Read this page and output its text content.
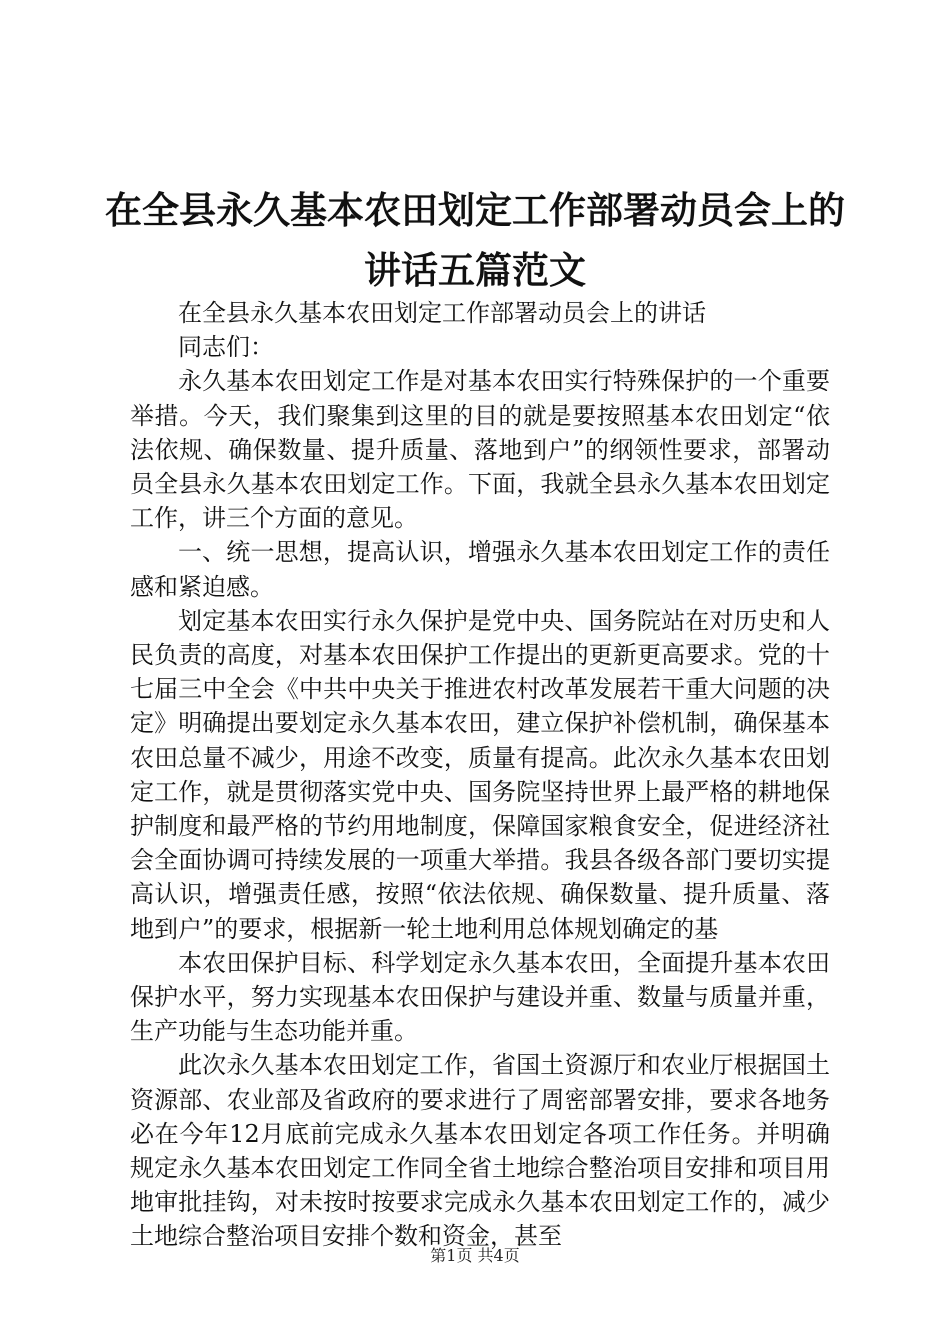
在全县永久基本农田划定工作部署动员会上的
讲话五篇范文

在全县永久基本农田划定工作部署动员会上的讲话

同志们：

永久基本农田划定工作是对基本农田实行特殊保护的一个重要举措。今天，我们聚集到这里的目的就是要按照基本农田划定“依法依规、确保数量、提升质量、落地到户”的纲领性要求，部署动员全县永久基本农田划定工作。下面，我就全县永久基本农田划定工作，讲三个方面的意见。

一、统一思想，提高认识，增强永久基本农田划定工作的责任感和紧迫感。

划定基本农田实行永久保护是党中央、国务院站在对历史和人民负责的高度，对基本农田保护工作提出的更新更高要求。党的十七届三中全会《中共中央关于推进农村改革发展若干重大问题的决定》明确提出要划定永久基本农田，建立保护补偿机制，确保基本农田总量不减少，用途不改变，质量有提高。此次永久基本农田划定工作，就是贯彻落实党中央、国务院坚持世界上最严格的耕地保护制度和最严格的节约用地制度，保障国家粮食安全，促进经济社会全面协调可持续发展的一项重大举措。我县各级各部门要切实提高认识，增强责任感，按照“依法依规、确保数量、提升质量、落地到户”的要求，根据新一轮土地利用总体规划确定的基

本农田保护目标、科学划定永久基本农田，全面提升基本农田保护水平，努力实现基本农田保护与建设并重、数量与质量并重，生产功能与生态功能并重。

此次永久基本农田划定工作，省国土资源厅和农业厅根据国土资源部、农业部及省政府的要求进行了周密部署安排，要求各地务必在今年12月底前完成永久基本农田划定各项工作任务。并明确规定永久基本农田划定工作同全省土地综合整治项目安排和项目用地审批挂钩，对未按时按要求完成永久基本农田划定工作的，减少土地综合整治项目安排个数和资金，甚至

第1页 共4页
